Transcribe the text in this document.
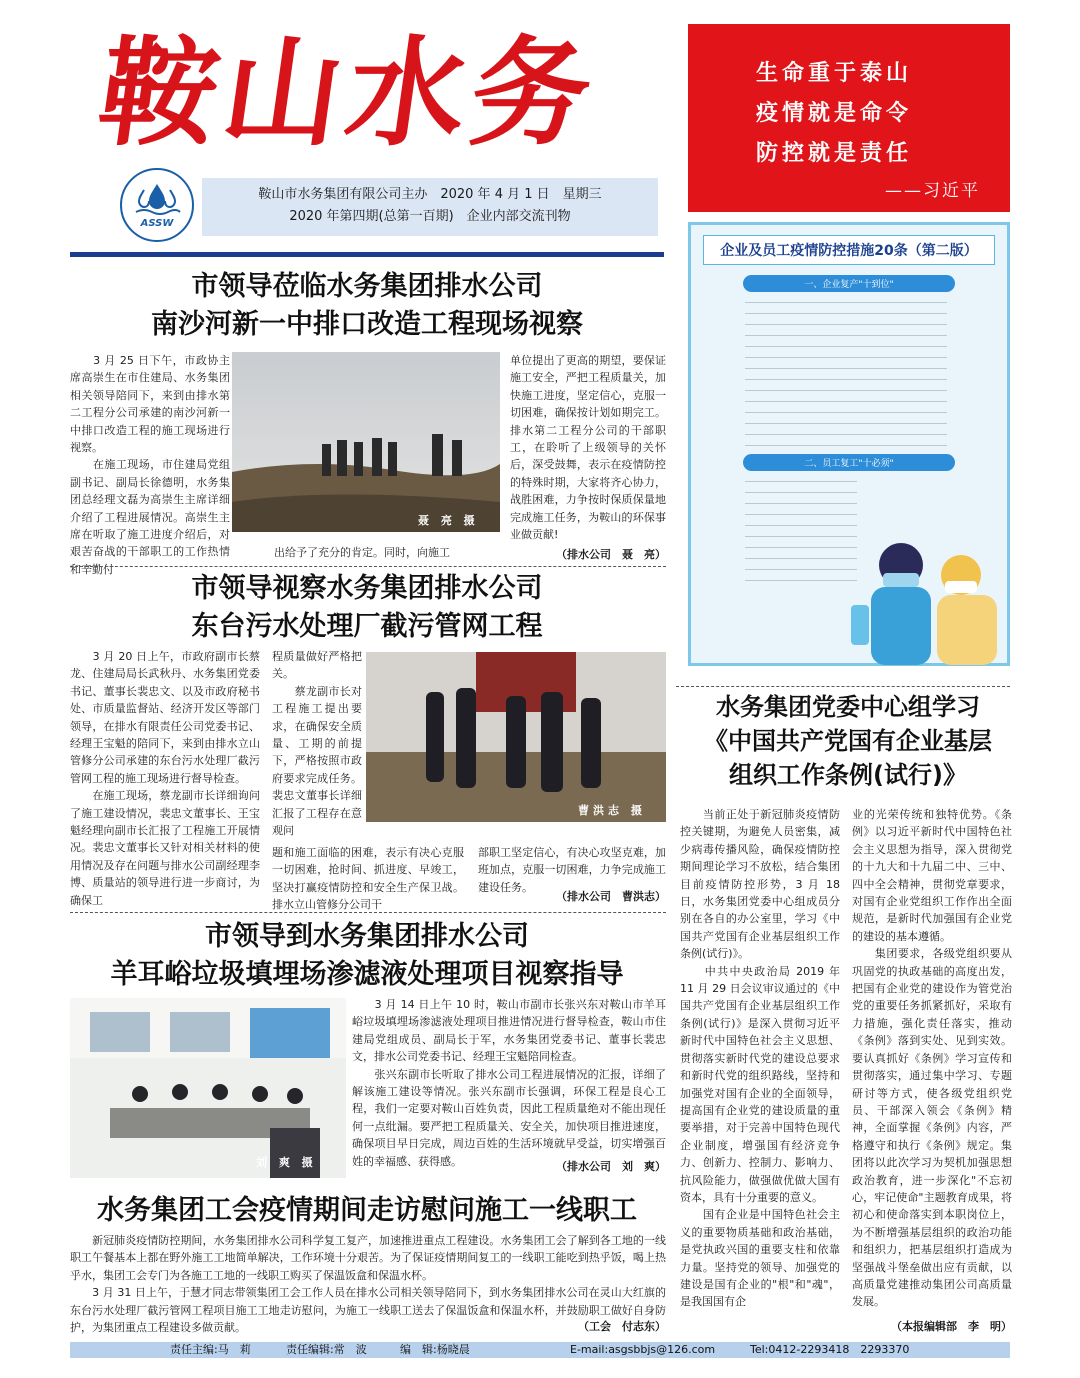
鞍山水务
ASSW
鞍山市水务集团有限公司主办　2020 年 4 月 1 日　星期三
2020 年第四期(总第一百期)　企业内部交流刊物
生命重于泰山
疫情就是命令
防控就是责任
——习近平
企业及员工疫情防控措施20条（第二版）
一、企业复产"十到位"
二、员工复工"十必须"
市领导莅临水务集团排水公司
南沙河新一中排口改造工程现场视察
　　3 月 25 日下午，市政协主席高崇生在市住建局、水务集团相关领导陪同下，来到由排水第二工程分公司承建的南沙河新一中排口改造工程的施工现场进行视察。
　　在施工现场，市住建局党组副书记、副局长徐德明，水务集团总经理文磊为高崇生主席详细介绍了工程进展情况。高崇生主席在听取了施工进度介绍后，对艰苦奋战的干部职工的工作热情和辛勤付
聂 亮 摄
出给予了充分的肯定。同时，向施工
单位提出了更高的期望，要保证施工安全，严把工程质量关，加快施工进度，坚定信心，克服一切困难，确保按计划如期完工。排水第二工程分公司的干部职工，在聆听了上级领导的关怀后，深受鼓舞，表示在疫情防控的特殊时期，大家将齐心协力，战胜困难，力争按时保质保量地完成施工任务，为鞍山的环保事业做贡献!
（排水公司　聂　亮）
市领导视察水务集团排水公司
东台污水处理厂截污管网工程
　　3 月 20 日上午，市政府副市长蔡龙、住建局局长武秋丹、水务集团党委书记、董事长裴忠文、以及市政府秘书处、市质量监督站、经济开发区等部门领导，在排水有限责任公司党委书记、经理王宝魁的陪同下，来到由排水立山管修分公司承建的东台污水处理厂截污管网工程的施工现场进行督导检查。
　　在施工现场，蔡龙副市长详细询问了施工建设情况，裴忠文董事长、王宝魁经理向副市长汇报了工程施工开展情况。裴忠文董事长又针对相关材料的使用情况及存在问题与排水公司副经理李博、质量站的领导进行进一步商讨，为确保工
程质量做好严格把关。
　　蔡龙副市长对工程施工提出要求，在确保安全质量、工期的前提下，严格按照市政府要求完成任务。裴忠文董事长详细汇报了工程存在意观问
曹洪志 摄
题和施工面临的困难，表示有决心克服一切困难，抢时间、抓进度、早竣工，坚决打赢疫情防控和安全生产保卫战。排水立山管修分公司干
部职工坚定信心，有决心攻坚克难，加班加点，克服一切困难，力争完成施工建设任务。
（排水公司　曹洪志）
市领导到水务集团排水公司
羊耳峪垃圾填埋场渗滤液处理项目视察指导
刘 爽 摄
　　3 月 14 日上午 10 时，鞍山市副市长张兴东对鞍山市羊耳峪垃圾填埋场渗滤液处理项目推进情况进行督导检查，鞍山市住建局党组成员、副局长于军，水务集团党委书记、董事长裴忠文，排水公司党委书记、经理王宝魁陪同检查。
　　张兴东副市长听取了排水公司工程进展情况的汇报，详细了解该施工建设等情况。张兴东副市长强调，环保工程是良心工程，我们一定要对鞍山百姓负责，因此工程质量绝对不能出现任何一点纰漏。要严把工程质量关、安全关，加快项目推进速度，确保项目早日完成，周边百姓的生活环境就早受益，切实增强百姓的幸福感、获得感。	（排水公司　刘　爽）
水务集团工会疫情期间走访慰问施工一线职工
　　新冠肺炎疫情防控期间，水务集团排水公司科学复工复产，加速推进重点工程建设。水务集团工会了解到各工地的一线职工午餐基本上都在野外施工工地简单解决，工作环境十分艰苦。为了保证疫情期间复工的一线职工能吃到热乎饭，喝上热乎水，集团工会专门为各施工工地的一线职工购买了保温饭盒和保温水杯。
　　3 月 31 日上午，于慧才同志带领集团工会工作人员在排水公司相关领导陪同下，到水务集团排水公司在灵山大红旗的东台污水处理厂截污管网工程项目施工工地走访慰问，为施工一线职工送去了保温饭盒和保温水杯，并鼓励职工做好自身防护，为集团重点工程建设多做贡献。	（工会　付志东）
水务集团党委中心组学习
《中国共产党国有企业基层
组织工作条例(试行)》
　　当前正处于新冠肺炎疫情防控关键期，为避免人员密集，减少病毒传播风险，确保疫情防控期间理论学习不放松，结合集团目前疫情防控形势，3 月 18 日，水务集团党委中心组成员分别在各自的办公室里，学习《中国共产党国有企业基层组织工作条例(试行)》。
　　中共中央政治局 2019 年 11 月 29 日会议审议通过的《中国共产党国有企业基层组织工作条例(试行)》是深入贯彻习近平新时代中国特色社会主义思想、贯彻落实新时代党的建设总要求和新时代党的组织路线，坚持和加强党对国有企业的全面领导，提高国有企业党的建设质量的重要举措，对于完善中国特色现代企业制度，增强国有经济竞争力、创新力、控制力、影响力、抗风险能力，做强做优做大国有资本，具有十分重要的意义。
　　国有企业是中国特色社会主义的重要物质基础和政治基础，是党执政兴国的重要支柱和依靠力量。坚持党的领导、加强党的建设是国有企业的"根"和"魂"，是我国国有企
业的光荣传统和独特优势。《条例》以习近平新时代中国特色社会主义思想为指导，深入贯彻党的十九大和十九届二中、三中、四中全会精神，贯彻党章要求，对国有企业党组织工作作出全面规范，是新时代加强国有企业党的建设的基本遵循。
　　集团要求，各级党组织要从巩固党的执政基础的高度出发，把国有企业党的建设作为管党治党的重要任务抓紧抓好，采取有力措施，强化责任落实，推动《条例》落到实处、见到实效。要认真抓好《条例》学习宣传和贯彻落实，通过集中学习、专题研讨等方式，使各级党组织党员、干部深入领会《条例》精神，全面掌握《条例》内容，严格遵守和执行《条例》规定。集团将以此次学习为契机加强思想政治教育，进一步深化"不忘初心，牢记使命"主题教育成果，将初心和使命落实到本职岗位上，为不断增强基层组织的政治功能和组织力，把基层组织打造成为坚强战斗堡垒做出应有贡献，以高质量党建推动集团公司高质量发展。
（本报编辑部　李　明）
责任主编:马　莉	责任编辑:常　波	编　辑:杨晓晨	E-mail:asgsbbjs@126.com	Tel:0412-2293418　2293370
